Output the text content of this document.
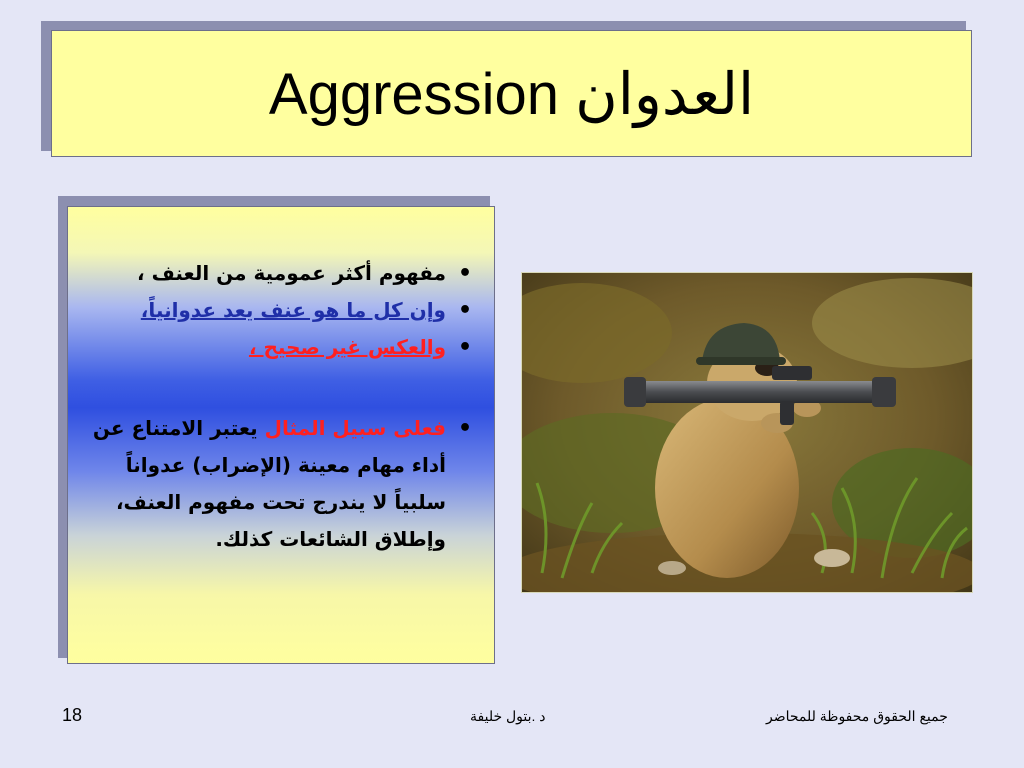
العدوان Aggression
•
مفهوم أكثر عمومية من العنف ،
•
وإن كل ما هو عنف يعد عدوانياً،
•
والعكس غير صحيح ،
•
فعلى سبيل المثال يعتبر الامتناع عن أداء مهام معينة (الإضراب) عدواناً سلبياً لا يندرج تحت مفهوم العنف، وإطلاق الشائعات كذلك.
جميع الحقوق محفوظة للمحاضر
د .بتول خليفة
18
